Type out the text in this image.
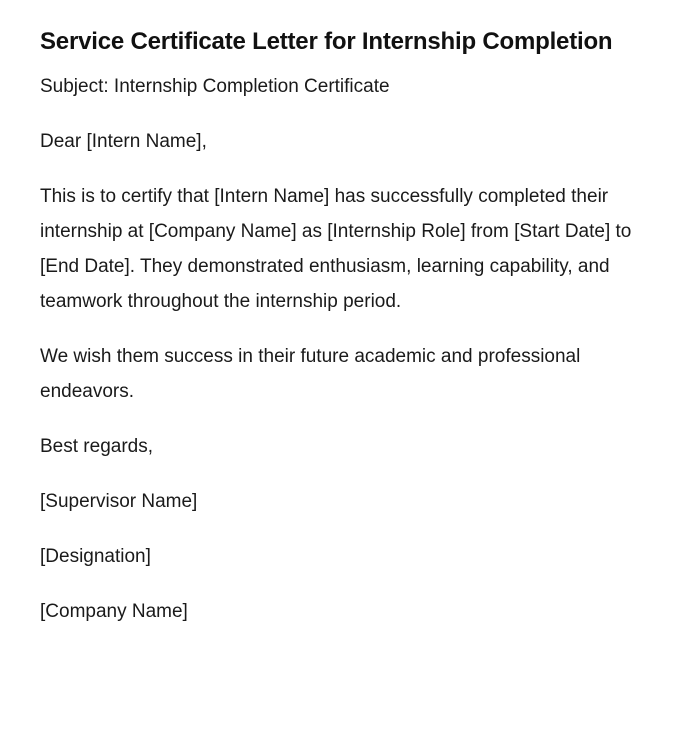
Service Certificate Letter for Internship Completion

Subject: Internship Completion Certificate

Dear [Intern Name],

This is to certify that [Intern Name] has successfully completed their internship at [Company Name] as [Internship Role] from [Start Date] to [End Date]. They demonstrated enthusiasm, learning capability, and teamwork throughout the internship period.

We wish them success in their future academic and professional endeavors.

Best regards,

[Supervisor Name]

[Designation]

[Company Name]
